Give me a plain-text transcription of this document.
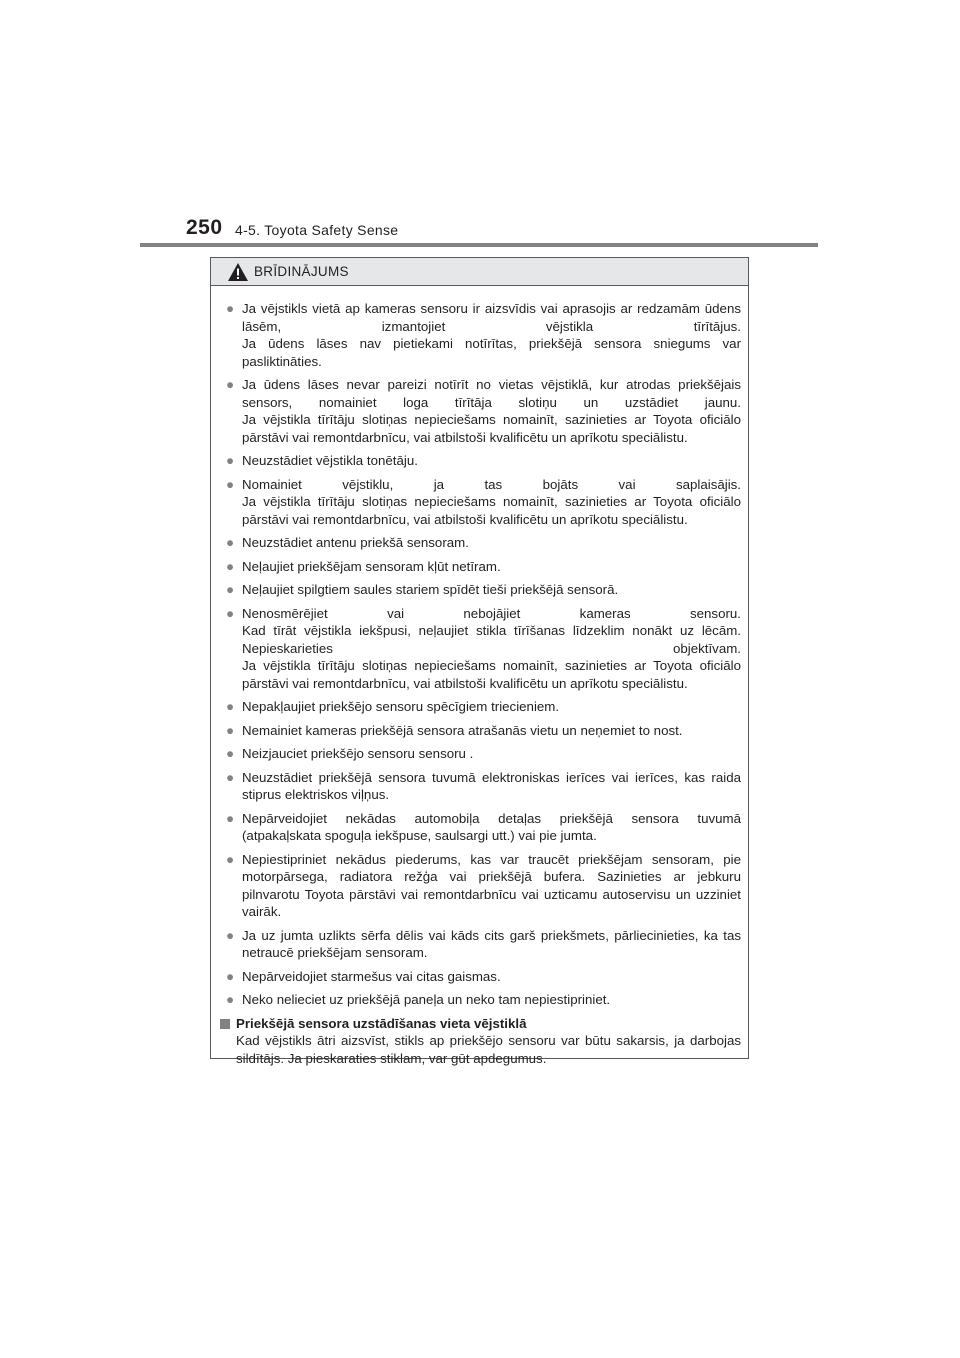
250 4-5. Toyota Safety Sense
BRĪDINĀJUMS
● Ja vējstikls vietā ap kameras sensoru ir aizsvīdis vai aprasojis ar redzamām ūdens
lāsēm, izmantojiet vējstikla tīrītājus.
Ja ūdens lāses nav pietiekami notīrītas, priekšējā sensora sniegums var
pasliktināties.
● Ja ūdens lāses nevar pareizi notīrīt no vietas vējstiklā, kur atrodas priekšējais
sensors, nomainiet loga tīrītāja slotiņu un uzstādiet jaunu.
Ja vējstikla tīrītāju slotiņas nepieciešams nomainīt, sazinieties ar Toyota oficiālo
pārstāvi vai remontdarbnīcu, vai atbilstoši kvalificētu un aprīkotu speciālistu.
● Neuzstādiet vējstikla tonētāju.
● Nomainiet vējstiklu, ja tas bojāts vai saplaisājis.
Ja vējstikla tīrītāju slotiņas nepieciešams nomainīt, sazinieties ar Toyota oficiālo
pārstāvi vai remontdarbnīcu, vai atbilstoši kvalificētu un aprīkotu speciālistu.
● Neuzstādiet antenu priekšā sensoram.
● Neļaujiet priekšējam sensoram kļūt netīram.
● Neļaujiet spilgtiem saules stariem spīdēt tieši priekšējā sensorā.
● Nenosmērējiet vai nebojājiet kameras sensoru.
Kad tīrāt vējstikla iekšpusi, neļaujiet stikla tīrīšanas līdzeklim nonākt uz lēcām.
Nepieskarieties objektīvam.
Ja vējstikla tīrītāju slotiņas nepieciešams nomainīt, sazinieties ar Toyota oficiālo
pārstāvi vai remontdarbnīcu, vai atbilstoši kvalificētu un aprīkotu speciālistu.
● Nepakļaujiet priekšējo sensoru spēcīgiem triecieniem.
● Nemainiet kameras priekšējā sensora atrašanās vietu un neņemiet to nost.
● Neizjauciet priekšējo sensoru sensoru .
● Neuzstādiet priekšējā sensora tuvumā elektroniskas ierīces vai ierīces, kas raida
stiprus elektriskos viļņus.
● Nepārveidojiet nekādas automobiļa detaļas priekšējā sensora tuvumā
(atpakaļskata spoguļa iekšpuse, saulsargi utt.) vai pie jumta.
● Nepiestipriniet nekādus piederums, kas var traucēt priekšējam sensoram, pie
motorpārsega, radiatora režģa vai priekšējā bufera. Sazinieties ar jebkuru
pilnvarotu Toyota pārstāvi vai remontdarbnīcu vai uzticamu autoservisu un uzziniet
vairāk.
● Ja uz jumta uzlikts sērfa dēlis vai kāds cits garš priekšmets, pārliecinieties, ka tas
netraucē priekšējam sensoram.
● Nepārveidojiet starmešus vai citas gaismas.
● Neko nelieciet uz priekšējā paneļa un neko tam nepiestipriniet.
Priekšējā sensora uzstādīšanas vieta vējstiklā
Kad vējstikls ātri aizsvīst, stikls ap priekšējo sensoru var būtu sakarsis, ja darbojas
sildītājs. Ja pieskaraties stiklam, var gūt apdegumus.
